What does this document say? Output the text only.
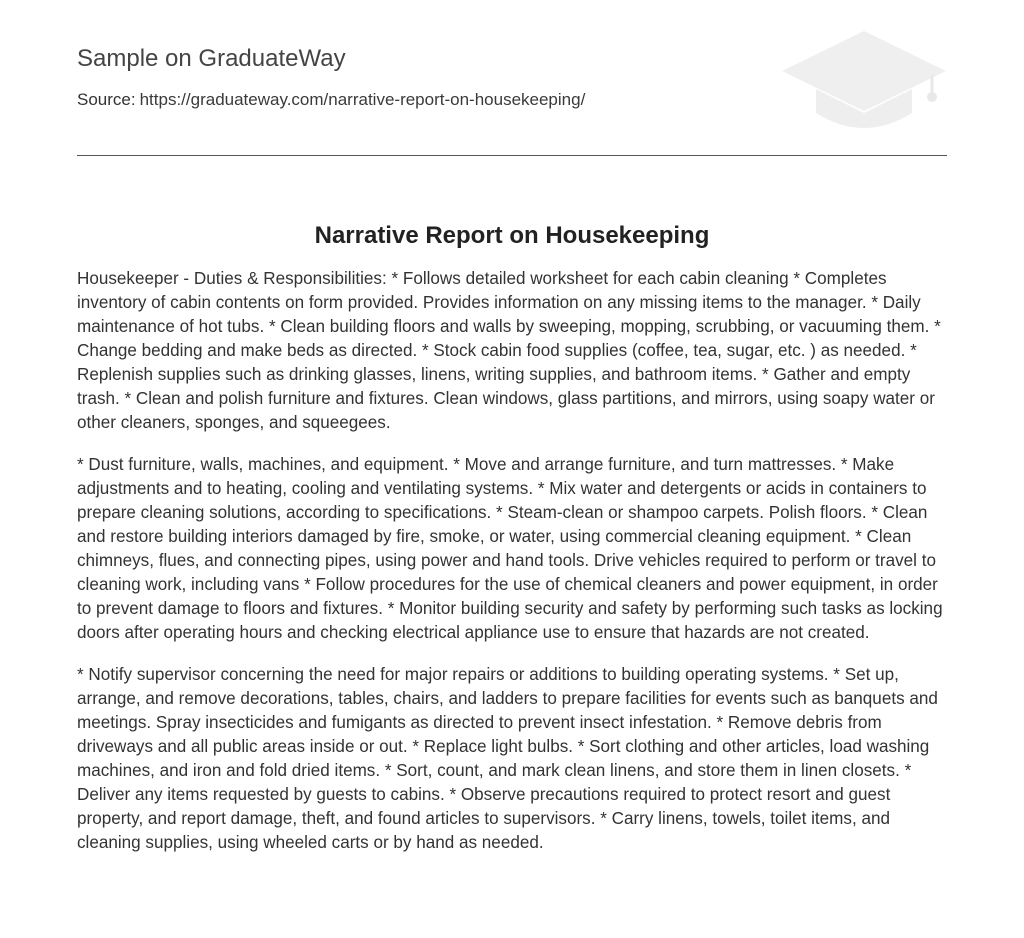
Sample on GraduateWay
Source: https://graduateway.com/narrative-report-on-housekeeping/
Narrative Report on Housekeeping

Housekeeper - Duties & Responsibilities: * Follows detailed worksheet for each cabin cleaning * Completes inventory of cabin contents on form provided. Provides information on any missing items to the manager. * Daily maintenance of hot tubs. * Clean building floors and walls by sweeping, mopping, scrubbing, or vacuuming them. * Change bedding and make beds as directed. * Stock cabin food supplies (coffee, tea, sugar, etc. ) as needed. * Replenish supplies such as drinking glasses, linens, writing supplies, and bathroom items. * Gather and empty trash. * Clean and polish furniture and fixtures. Clean windows, glass partitions, and mirrors, using soapy water or other cleaners, sponges, and squeegees.

* Dust furniture, walls, machines, and equipment. * Move and arrange furniture, and turn mattresses. * Make adjustments and to heating, cooling and ventilating systems. * Mix water and detergents or acids in containers to prepare cleaning solutions, according to specifications. * Steam-clean or shampoo carpets. Polish floors. * Clean and restore building interiors damaged by fire, smoke, or water, using commercial cleaning equipment. * Clean chimneys, flues, and connecting pipes, using power and hand tools. Drive vehicles required to perform or travel to cleaning work, including vans * Follow procedures for the use of chemical cleaners and power equipment, in order to prevent damage to floors and fixtures. * Monitor building security and safety by performing such tasks as locking doors after operating hours and checking electrical appliance use to ensure that hazards are not created.

* Notify supervisor concerning the need for major repairs or additions to building operating systems. * Set up, arrange, and remove decorations, tables, chairs, and ladders to prepare facilities for events such as banquets and meetings. Spray insecticides and fumigants as directed to prevent insect infestation. * Remove debris from driveways and all public areas inside or out. * Replace light bulbs. * Sort clothing and other articles, load washing machines, and iron and fold dried items. * Sort, count, and mark clean linens, and store them in linen closets. * Deliver any items requested by guests to cabins. * Observe precautions required to protect resort and guest property, and report damage, theft, and found articles to supervisors. * Carry linens, towels, toilet items, and cleaning supplies, using wheeled carts or by hand as needed.
